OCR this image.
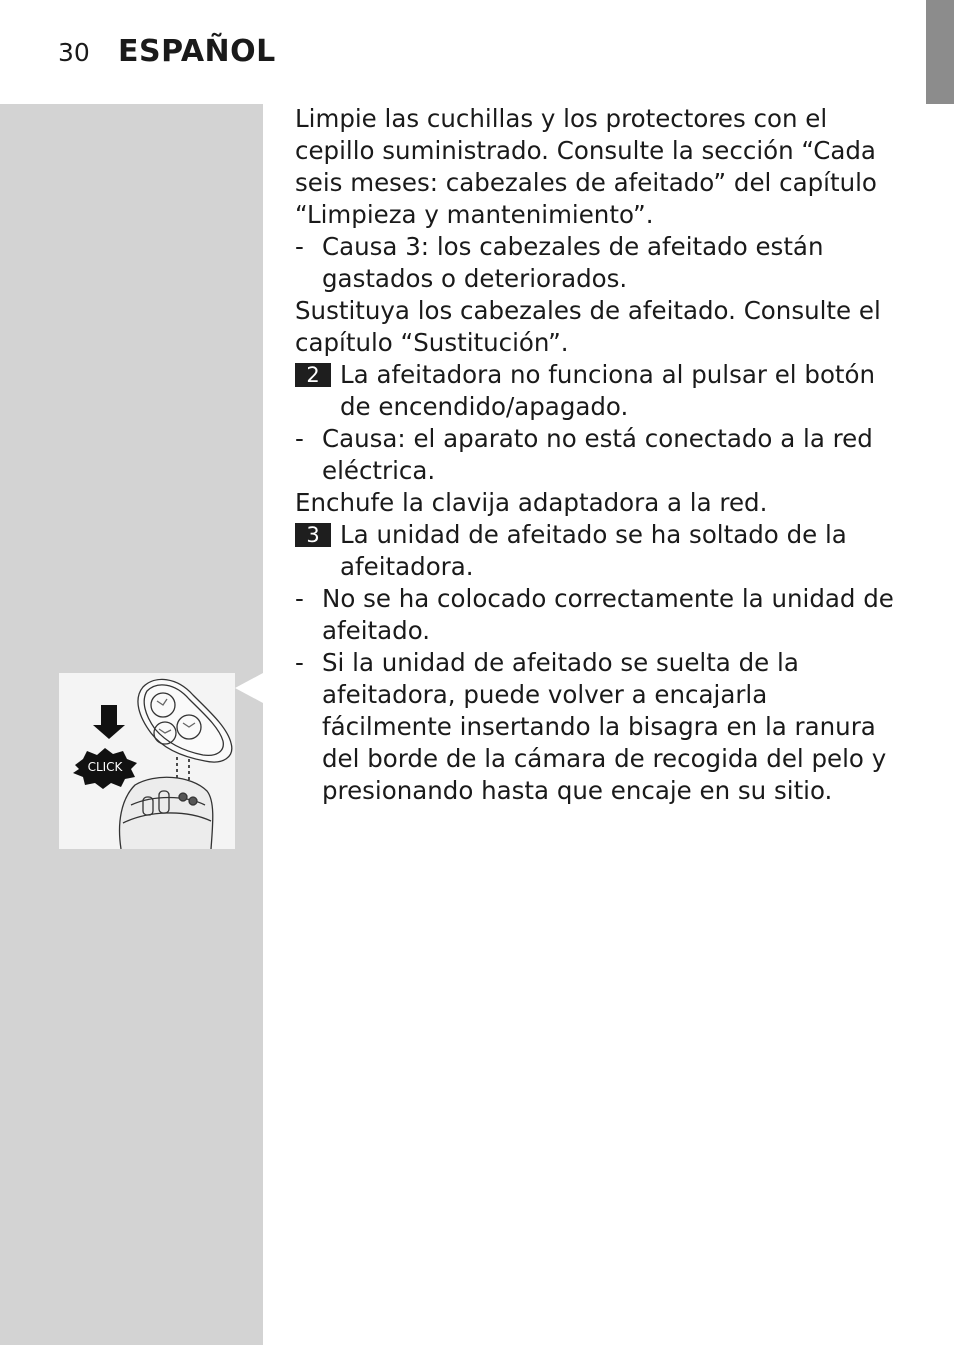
30 ESPAÑOL

Limpie las cuchillas y los protectores con el cepillo suministrado. Consulte la sección “Cada seis meses: cabezales de afeitado” del capítulo “Limpieza y mantenimiento”.

- Causa 3: los cabezales de afeitado están gastados o deteriorados.

Sustituya los cabezales de afeitado. Consulte el capítulo “Sustitución”.

2 La afeitadora no funciona al pulsar el botón de encendido/apagado.

- Causa: el aparato no está conectado a la red eléctrica.

Enchufe la clavija adaptadora a la red.

3 La unidad de afeitado se ha soltado de la afeitadora.

- No se ha colocado correctamente la unidad de afeitado.

- Si la unidad de afeitado se suelta de la afeitadora, puede volver a encajarla fácilmente insertando la bisagra en la ranura del borde de la cámara de recogida del pelo y presionando hasta que encaje en su sitio.

CLICK
